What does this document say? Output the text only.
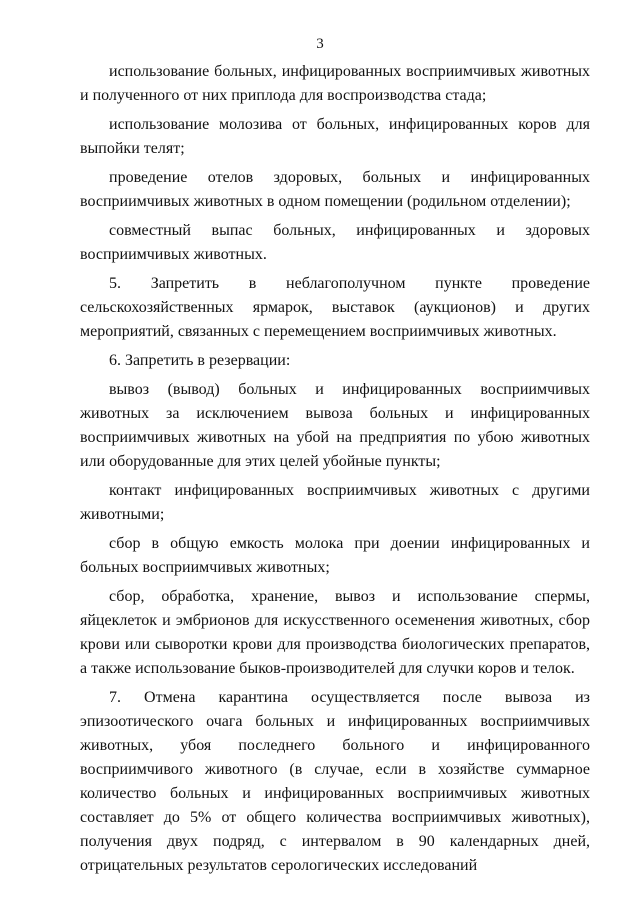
3

использование больных, инфицированных восприимчивых животных и полученного от них приплода для воспроизводства стада;

использование молозива от больных, инфицированных коров для выпойки телят;

проведение отелов здоровых, больных и инфицированных восприимчивых животных в одном помещении (родильном отделении);

совместный выпас больных, инфицированных и здоровых восприимчивых животных.

5. Запретить в неблагополучном пункте проведение сельскохозяйственных ярмарок, выставок (аукционов) и других мероприятий, связанных с перемещением восприимчивых животных.

6. Запретить в резервации:

вывоз (вывод) больных и инфицированных восприимчивых животных за исключением вывоза больных и инфицированных восприимчивых животных на убой на предприятия по убою животных или оборудованные для этих целей убойные пункты;

контакт инфицированных восприимчивых животных с другими животными;

сбор в общую емкость молока при доении инфицированных и больных восприимчивых животных;

сбор, обработка, хранение, вывоз и использование спермы, яйцеклеток и эмбрионов для искусственного осеменения животных, сбор крови или сыворотки крови для производства биологических препаратов, а также использование быков-производителей для случки коров и телок.

7. Отмена карантина осуществляется после вывоза из эпизоотического очага больных и инфицированных восприимчивых животных, убоя последнего больного и инфицированного восприимчивого животного (в случае, если в хозяйстве суммарное количество больных и инфицированных восприимчивых животных составляет до 5% от общего количества восприимчивых животных), получения двух подряд, с интервалом в 90 календарных дней, отрицательных результатов серологических исследований
